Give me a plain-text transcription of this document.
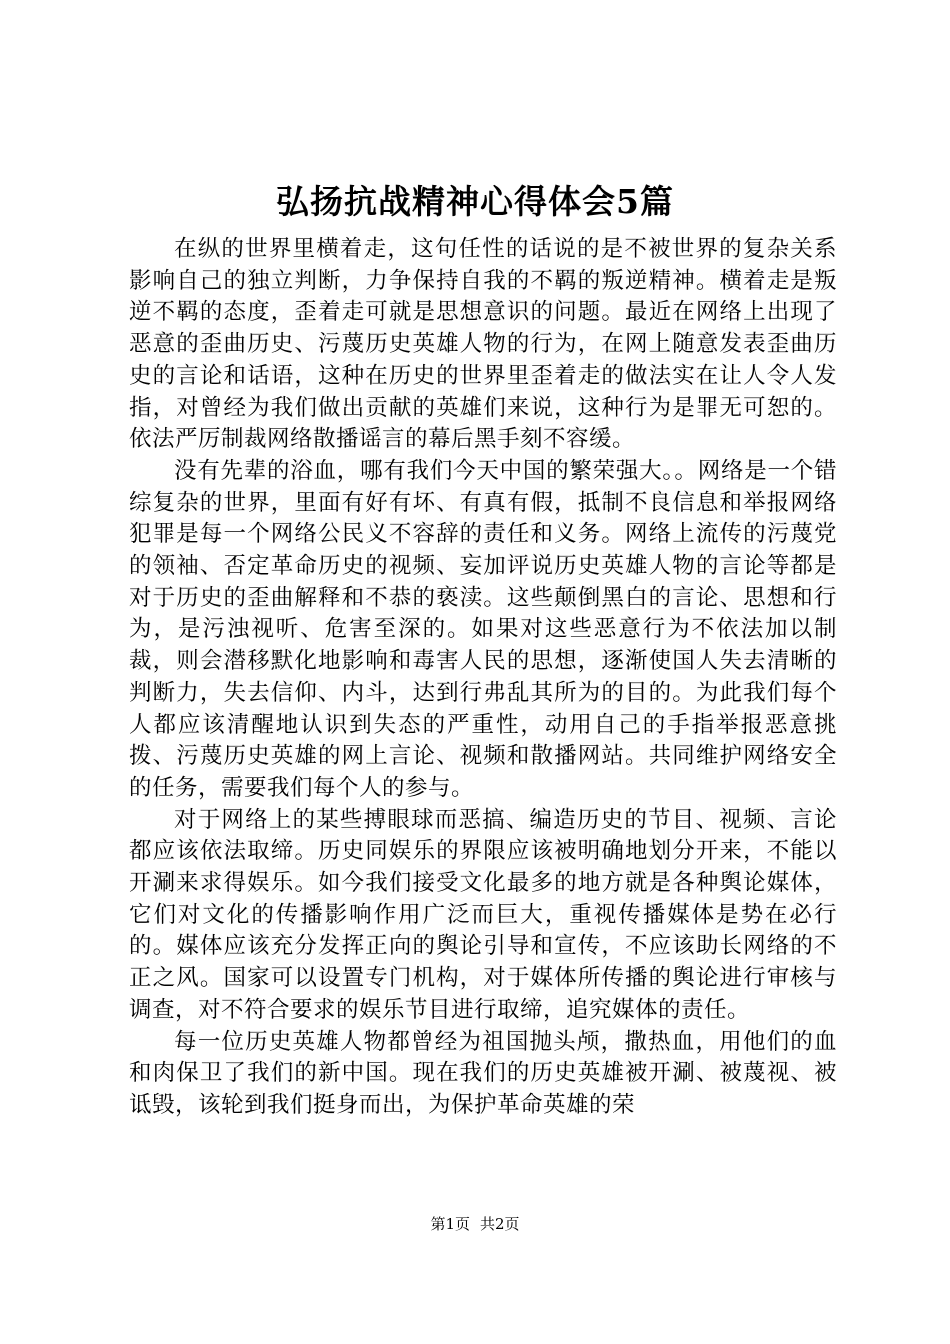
弘扬抗战精神心得体会5篇

在纵的世界里横着走，这句任性的话说的是不被世界的复杂关系影响自己的独立判断，力争保持自我的不羁的叛逆精神。横着走是叛逆不羁的态度，歪着走可就是思想意识的问题。最近在网络上出现了恶意的歪曲历史、污蔑历史英雄人物的行为，在网上随意发表歪曲历史的言论和话语，这种在历史的世界里歪着走的做法实在让人令人发指，对曾经为我们做出贡献的英雄们来说，这种行为是罪无可恕的。依法严厉制裁网络散播谣言的幕后黑手刻不容缓。

没有先辈的浴血，哪有我们今天中国的繁荣强大。。网络是一个错综复杂的世界，里面有好有坏、有真有假，抵制不良信息和举报网络犯罪是每一个网络公民义不容辞的责任和义务。网络上流传的污蔑党的领袖、否定革命历史的视频、妄加评说历史英雄人物的言论等都是对于历史的歪曲解释和不恭的亵渎。这些颠倒黑白的言论、思想和行为，是污浊视听、危害至深的。如果对这些恶意行为不依法加以制裁，则会潜移默化地影响和毒害人民的思想，逐渐使国人失去清晰的判断力，失去信仰、内斗，达到行弗乱其所为的目的。为此我们每个人都应该清醒地认识到失态的严重性，动用自己的手指举报恶意挑拨、污蔑历史英雄的网上言论、视频和散播网站。共同维护网络安全的任务，需要我们每个人的参与。

对于网络上的某些搏眼球而恶搞、编造历史的节目、视频、言论都应该依法取缔。历史同娱乐的界限应该被明确地划分开来，不能以开涮来求得娱乐。如今我们接受文化最多的地方就是各种舆论媒体，它们对文化的传播影响作用广泛而巨大，重视传播媒体是势在必行的。媒体应该充分发挥正向的舆论引导和宣传，不应该助长网络的不正之风。国家可以设置专门机构，对于媒体所传播的舆论进行审核与调查，对不符合要求的娱乐节目进行取缔，追究媒体的责任。

每一位历史英雄人物都曾经为祖国抛头颅，撒热血，用他们的血和肉保卫了我们的新中国。现在我们的历史英雄被开涮、被蔑视、被诋毁，该轮到我们挺身而出，为保护革命英雄的荣

第1页 共2页
